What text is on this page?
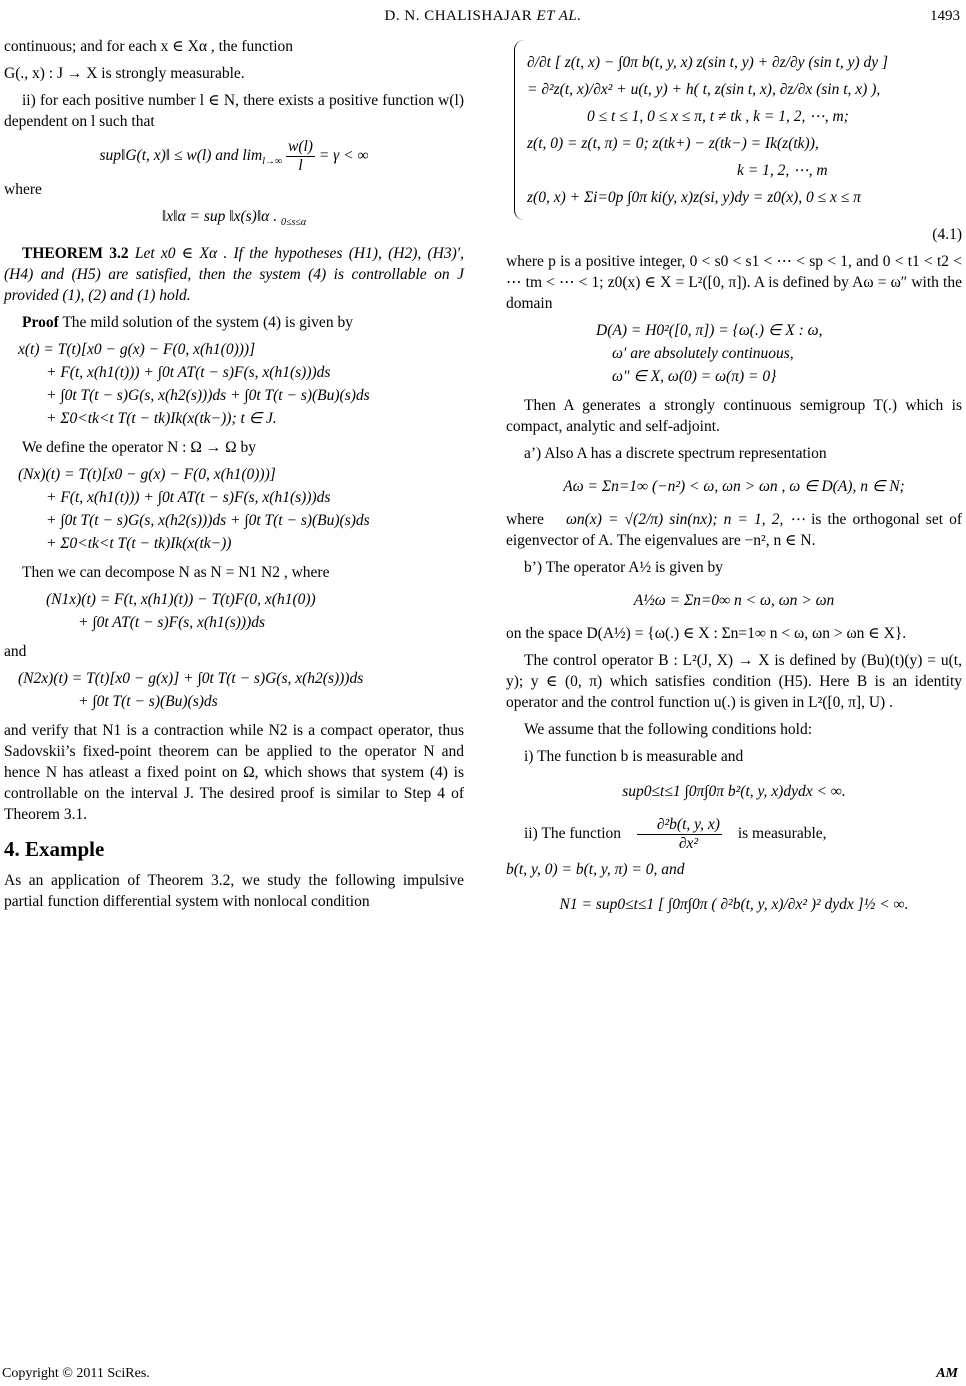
D. N. CHALISHAJAR ET AL.	1493

continuous; and for each x ∈ Xα , the function

G(., x) : J → X is strongly measurable.

ii) for each positive number l ∈ N, there exists a positive function w(l) dependent on l such that

sup‖G(t, x)‖ ≤ w(l) and $\lim_{l\to\infty} \frac{w(l)}{l} = \gamma$ < ∞

where

‖x‖α = sup ‖x(s)‖α . $_{0\le s\le\alpha}$

THEOREM 3.2 Let x0 ∈ Xα . If the hypotheses (H1), (H2), (H3)′, (H4) and (H5) are satisfied, then the system (4) is controllable on J provided (1), (2) and (1) hold.

Proof The mild solution of the system (4) is given by

x(t) = T(t)[x0 − g(x) − F(0, x(h1(0)))]
+ F(t, x(h1(t))) + ∫0t AT(t − s)F(s, x(h1(s)))ds
+ ∫0t T(t − s)G(s, x(h2(s)))ds + ∫0t T(t − s)(Bu)(s)ds
+ Σ0<tk<t T(t − tk)Ik(x(tk−)); t ∈ J.

We define the operator N : Ω → Ω by

(Nx)(t) = T(t)[x0 − g(x) − F(0, x(h1(0)))]
+ F(t, x(h1(t))) + ∫0t AT(t − s)F(s, x(h1(s)))ds
+ ∫0t T(t − s)G(s, x(h2(s)))ds + ∫0t T(t − s)(Bu)(s)ds
+ Σ0<tk<t T(t − tk)Ik(x(tk−))

Then we can decompose N as N = N1 N2 , where

(N1x)(t) = F(t, x(h1)(t)) − T(t)F(0, x(h1(0))
+ ∫0t AT(t − s)F(s, x(h1(s)))ds

and

(N2x)(t) = T(t)[x0 − g(x)] + ∫0t T(t − s)G(s, x(h2(s)))ds
+ ∫0t T(t − s)(Bu)(s)ds

and verify that N1 is a contraction while N2 is a compact operator, thus Sadovskii’s fixed-point theorem can be applied to the operator N and hence N has atleast a fixed point on Ω, which shows that system (4) is controllable on the interval J. The desired proof is similar to Step 4 of Theorem 3.1.

4. Example

As an application of Theorem 3.2, we study the following impulsive partial function differential system with nonlocal condition

∂/∂t [ z(t, x) − ∫0π b(t, y, x) z(sin t, y) + ∂z/∂y (sin t, y) dy ]
= ∂²z(t, x)/∂x² + u(t, y) + h( t, z(sin t, x), ∂z/∂x (sin t, x) ),
0 ≤ t ≤ 1, 0 ≤ x ≤ π, t ≠ tk , k = 1, 2, ⋯, m;
z(t, 0) = z(t, π) = 0; z(tk+) − z(tk−) = Ik(z(tk)),
k = 1, 2, ⋯, m
z(0, x) + Σi=0p ∫0π ki(y, x)z(si, y)dy = z0(x), 0 ≤ x ≤ π
(4.1)

where p is a positive integer, 0 < s0 < s1 < ⋯ < sp < 1, and 0 < t1 < t2 < ⋯ tm < ⋯ < 1; z0(x) ∈ X = L²([0, π]). A is defined by Aω = ω″ with the domain

D(A) = H0²([0, π]) = {ω(.) ∈ X : ω,
ω′ are absolutely continuous,
ω″ ∈ X, ω(0) = ω(π) = 0}

Then A generates a strongly continuous semigroup T(.) which is compact, analytic and self-adjoint.

a’) Also A has a discrete spectrum representation

Aω = Σn=1∞ (−n²) < ω, ωn > ωn , ω ∈ D(A), n ∈ N;

where ωn(x) = √(2/π) sin(nx); n = 1, 2, ⋯ is the orthogonal set of eigenvector of A. The eigenvalues are −n², n ∈ N.

b’) The operator A½ is given by

A½ω = Σn=0∞ n < ω, ωn > ωn

on the space D(A½) = {ω(.) ∈ X : Σn=1∞ n < ω, ωn > ωn ∈ X}.

The control operator B : L²(J, X) → X is defined by (Bu)(t)(y) = u(t, y); y ∈ (0, π) which satisfies condition (H5). Here B is an identity operator and the control function u(.) is given in L²([0, π], U) .

We assume that the following conditions hold:

i) The function b is measurable and

sup0≤t≤1 ∫0π∫0π b²(t, y, x)dydx < ∞.

ii) The function $\frac{\text{∂²b(t, y, x)}}{\text{∂x²}}$ is measurable,

b(t, y, 0) = b(t, y, π) = 0, and

N1 = sup0≤t≤1 [ ∫0π∫0π ( ∂²b(t, y, x)/∂x² )² dydx ]½ < ∞.
Copyright © 2011 SciRes.	AM
